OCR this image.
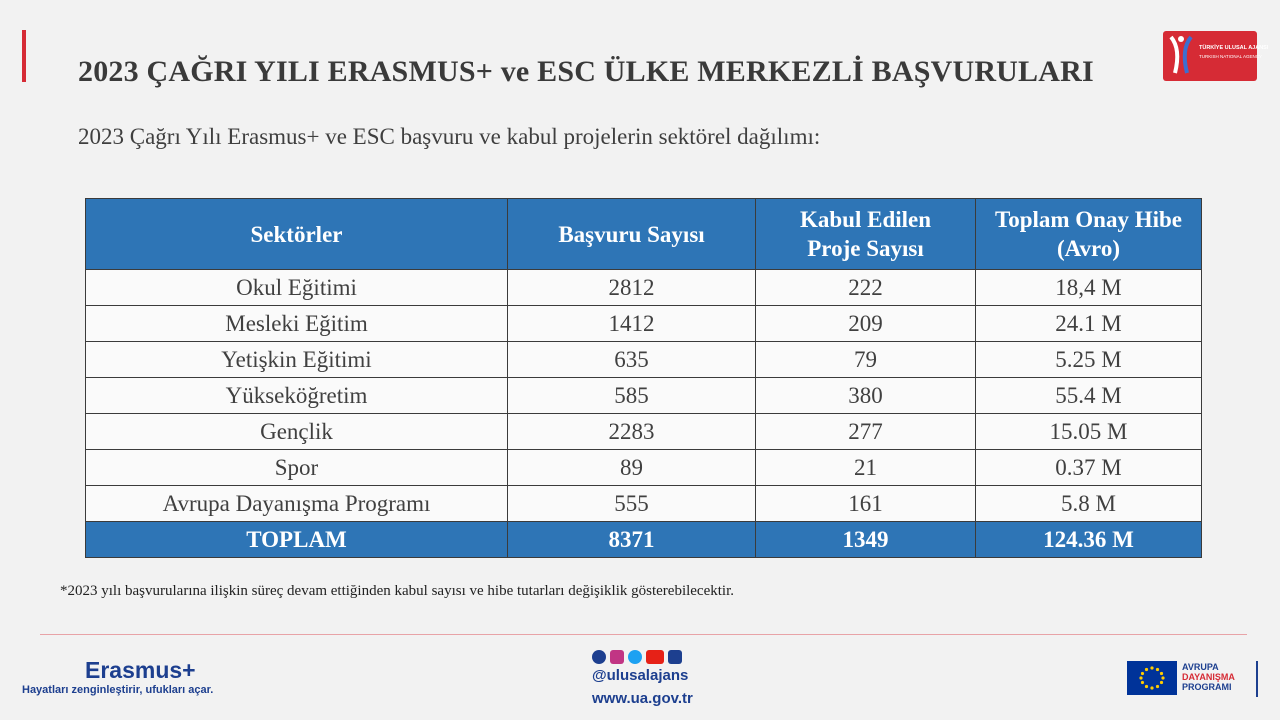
2023 ÇAĞRI YILI ERASMUS+ ve ESC ÜLKE MERKEZLİ BAŞVURULARI
TÜRKİYE ULUSAL AJANSI
TURKISH NATIONAL AGENCY

2023 Çağrı Yılı Erasmus+ ve ESC başvuru ve kabul projelerin sektörel dağılımı:

Sektörler	Başvuru Sayısı	Kabul Edilen Proje Sayısı	Toplam Onay Hibe (Avro)
Okul Eğitimi	2812	222	18,4 M
Mesleki Eğitim	1412	209	24.1 M
Yetişkin Eğitimi	635	79	5.25 M
Yükseköğretim	585	380	55.4 M
Gençlik	2283	277	15.05 M
Spor	89	21	0.37 M
Avrupa Dayanışma Programı	555	161	5.8 M
TOPLAM	8371	1349	124.36 M

*2023 yılı başvurularına ilişkin süreç devam ettiğinden kabul sayısı ve hibe tutarları değişiklik gösterebilecektir.

Erasmus+
Hayatları zenginleştirir, ufukları açar.
@ulusalajans
www.ua.gov.tr
AVRUPA
DAYANIŞMA
PROGRAMI
